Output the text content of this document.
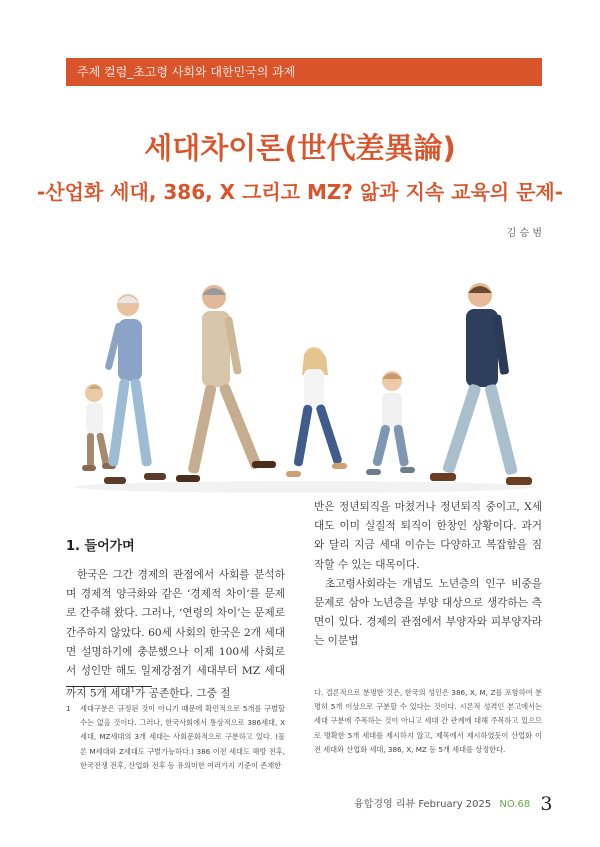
주제 컬럼_초고령 사회와 대한민국의 과제
세대차이론(世代差異論)
-산업화 세대, 386, X 그리고 MZ? 앎과 지속 교육의 문제-
김 승 범
1. 들어가며

한국은 그간 경제의 관점에서 사회를 분석하며 경제적 양극화와 같은 ‘경제적 차이’를 문제로 간주해 왔다. 그러나, ‘연령의 차이’는 문제로 간주하지 않았다. 60세 사회의 한국은 2개 세대면 설명하기에 충분했으나 이제 100세 사회로서 성인만 해도 일제강점기 세대부터 MZ 세대까지 5개 세대$^1$가 공존한다. 그중 절

반은 정년퇴직을 마쳤거나 정년퇴직 중이고, X세대도 이미 실질적 퇴직이 한창인 상황이다. 과거와 달리 지금 세대 이슈는 다양하고 복잡함을 짐작할 수 있는 대목이다.

초고령사회라는 개념도 노년층의 인구 비중을 문제로 삼아 노년층을 부양 대상으로 생각하는 측면이 있다. 경제의 관점에서 부양자와 피부양자라는 이분법

1 세대구분은 규정된 것이 아니기 때문에 확언적으로 5개를 구별할 수는 없을 것이다. 그러나, 한국사회에서 통상적으로 386세대, X세대, MZ세대의 3개 세대는 사회문화적으로 구분하고 있다. (물론 M세대와 Z세대도 구별가능하다.) 386 이전 세대도 해방 전후, 한국전쟁 전후, 산업화 전후 등 유의미한 여러가지 기준이 존재한
다. 결론적으로 분명한 것은, 한국의 성인은 386, X, M, Z를 포함하여 분명히 5개 이상으로 구분할 수 있다는 것이다. 시론적 성격인 본고에서는 세대 구분에 주목하는 것이 아니고 세대 간 관계에 대해 주목하고 있으므로 명확한 5개 세대를 제시하지 않고, 제목에서 제시하였듯이 산업화 이전 세대와 산업화 세대, 386, X, MZ 등 5개 세대를 상정한다.
융합경영 리뷰 February 2025 NO.68 3
